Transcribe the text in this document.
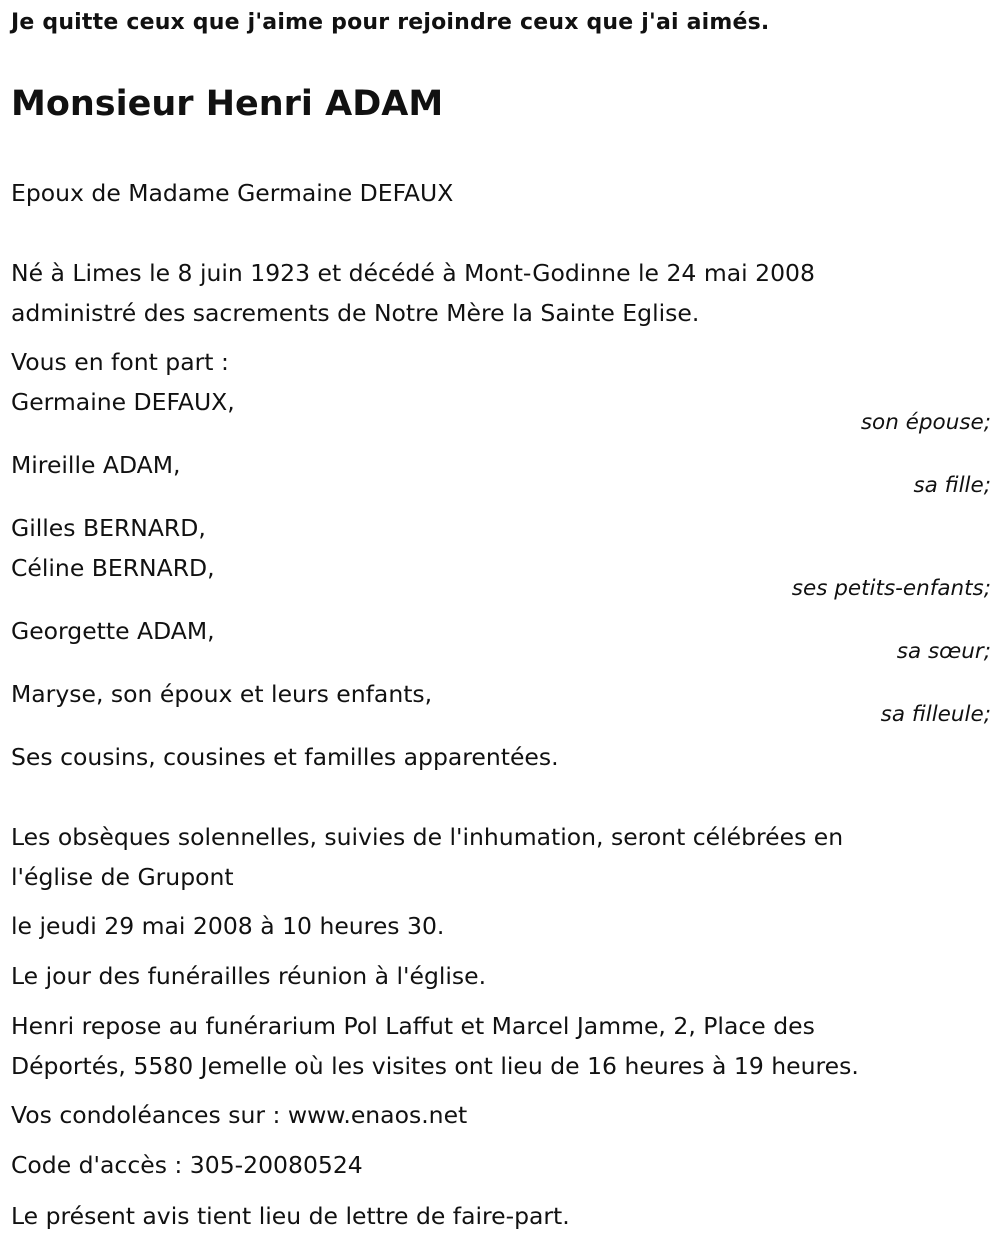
Je quitte ceux que j'aime pour rejoindre ceux que j'ai aimés.
Monsieur Henri ADAM
Epoux de Madame Germaine DEFAUX
Né à Limes le 8 juin 1923 et décédé à Mont-Godinne le 24 mai 2008
administré des sacrements de Notre Mère la Sainte Eglise.
Vous en font part :
Germaine DEFAUX,
son épouse;
Mireille ADAM,
sa fille;
Gilles BERNARD,
Céline BERNARD,
ses petits-enfants;
Georgette ADAM,
sa sœur;
Maryse, son époux et leurs enfants,
sa filleule;
Ses cousins, cousines et familles apparentées.
Les obsèques solennelles, suivies de l'inhumation, seront célébrées en
l'église de Grupont
le jeudi 29 mai 2008 à 10 heures 30.
Le jour des funérailles réunion à l'église.
Henri repose au funérarium Pol Laffut et Marcel Jamme, 2, Place des
Déportés, 5580 Jemelle où les visites ont lieu de 16 heures à 19 heures.
Vos condoléances sur : www.enaos.net
Code d'accès : 305-20080524
Le présent avis tient lieu de lettre de faire-part.
